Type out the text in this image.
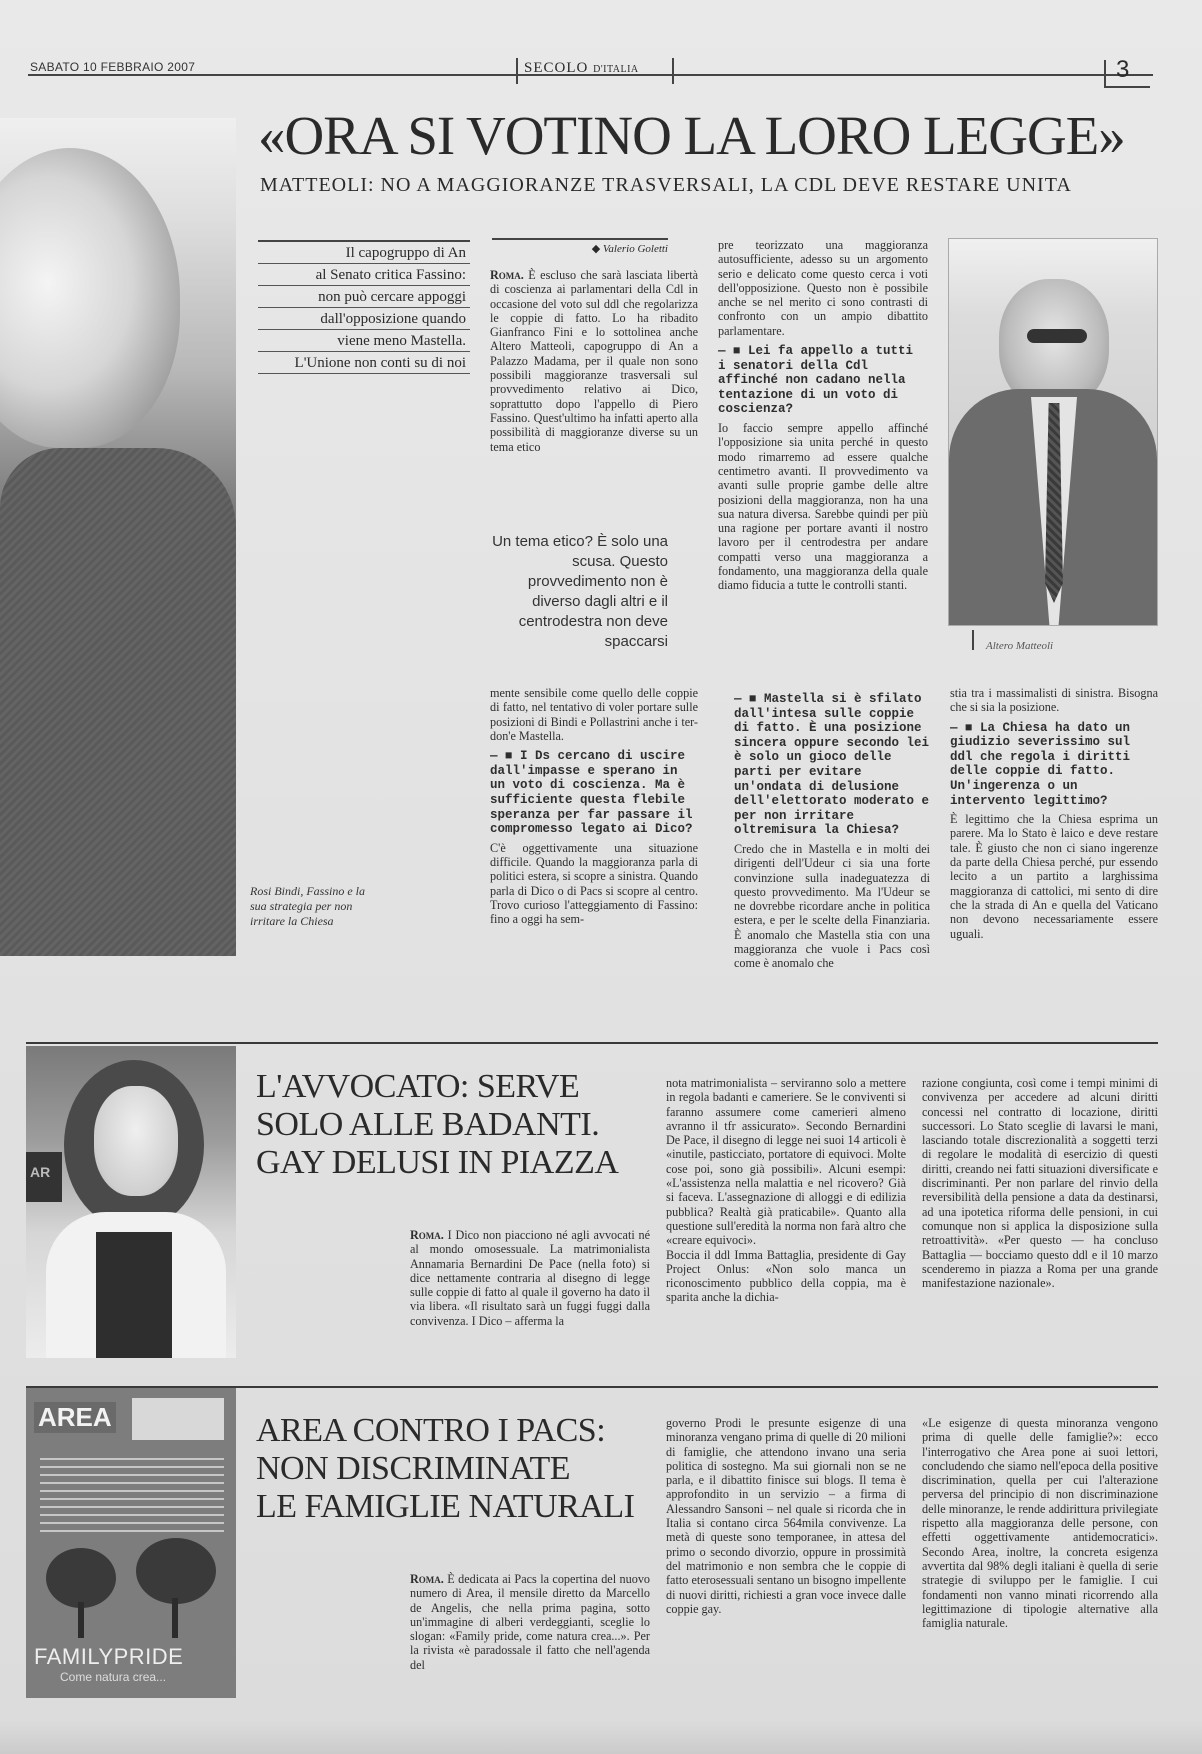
SABATO 10 FEBBRAIO 2007	SECOLO D'ITALIA	3
«ORA SI VOTINO LA LORO LEGGE»
MATTEOLI: NO A MAGGIORANZE TRASVERSALI, LA CDL DEVE RESTARE UNITA
Rosi Bindi, Fassino e la sua strategia per non irritare la Chiesa
Il capogruppo di An
al Senato critica Fassino:
non può cercare appoggi
dall'opposizione quando
viene meno Mastella.
L'Unione non conti su di noi
◆ Valerio Goletti

Roma. È escluso che sarà lasciata libertà di coscienza ai parlamentari della Cdl in occasione del voto sul ddl che regolarizza le coppie di fatto. Lo ha ribadito Gianfranco Fini e lo sottolinea anche Altero Matteoli, capogruppo di An a Palazzo Madama, per il quale non sono possibili maggioranze trasversali sul provvedimento relativo ai Dico, soprattutto dopo l'appello di Piero Fassino. Quest'ultimo ha infatti aperto alla possibilità di maggioranze diverse su un tema etico

Un tema etico? È solo una scusa. Questo provvedimento non è diverso dagli altri e il centrodestra non deve spaccarsi

mente sensibile come quello delle coppie di fatto, nel tentativo di voler portare sulle posizioni di Bindi e Pollastrini anche i ter-don'e Mastella.

— ■ I Ds cercano di uscire dall'impasse e sperano in un voto di coscienza. Ma è sufficiente questa flebile speranza per far passare il compromesso legato ai Dico?

C'è oggettivamente una situazione difficile. Quando la maggioranza parla di politici estera, si scopre a sinistra. Quando parla di Dico o di Pacs si scopre al centro. Trovo curioso l'atteggiamento di Fassino: fino a oggi ha sem-

pre teorizzato una maggioranza autosufficiente, adesso su un argomento serio e delicato come questo cerca i voti dell'opposizione. Questo non è possibile anche se nel merito ci sono contrasti di confronto con un ampio dibattito parlamentare.

— ■ Lei fa appello a tutti i senatori della Cdl affinché non cadano nella tentazione di un voto di coscienza?

Io faccio sempre appello affinché l'opposizione sia unita perché in questo modo rimarremo ad essere qualche centimetro avanti. Il provvedimento va avanti sulle proprie gambe delle altre posizioni della maggioranza, non ha una sua natura diversa. Sarebbe quindi per più una ragione per portare avanti il nostro lavoro per il centrodestra per andare compatti verso una maggioranza a fondamento, una maggioranza della quale diamo fiducia a tutte le controlli stanti.

— ■ Mastella si è sfilato dall'intesa sulle coppie di fatto. È una posizione sincera oppure secondo lei è solo un gioco delle parti per evitare un'ondata di delusione dell'elettorato moderato e per non irritare oltremisura la Chiesa?

Credo che in Mastella e in molti dei dirigenti dell'Udeur ci sia una forte convinzione sulla inadeguatezza di questo provvedimento. Ma l'Udeur se ne dovrebbe ricordare anche in politica estera, e per le scelte della Finanziaria. È anomalo che Mastella stia con una maggioranza che vuole i Pacs così come è anomalo che

Altero Matteoli

stia tra i massimalisti di sinistra. Bisogna che si sia la posizione.

— ■ La Chiesa ha dato un giudizio severissimo sul ddl che regola i diritti delle coppie di fatto. Un'ingerenza o un intervento legittimo?

È legittimo che la Chiesa esprima un parere. Ma lo Stato è laico e deve restare tale. È giusto che non ci siano ingerenze da parte della Chiesa perché, pur essendo lecito a un partito a larghissima maggioranza di cattolici, mi sento di dire che la strada di An e quella del Vaticano non devono necessariamente essere uguali.

AR
L'AVVOCATO: SERVE
SOLO ALLE BADANTI.
GAY DELUSI IN PIAZZA

Roma. I Dico non piacciono né agli avvocati né al mondo omosessuale. La matrimonialista Annamaria Bernardini De Pace (nella foto) si dice nettamente contraria al disegno di legge sulle coppie di fatto al quale il governo ha dato il via libera. «Il risultato sarà un fuggi fuggi dalla convivenza. I Dico – afferma la

nota matrimonialista – serviranno solo a mettere in regola badanti e cameriere. Se le conviventi si faranno assumere come camerieri almeno avranno il tfr assicurato». Secondo Bernardini De Pace, il disegno di legge nei suoi 14 articoli è «inutile, pasticciato, portatore di equivoci. Molte cose poi, sono già possibili». Alcuni esempi: «L'assistenza nella malattia e nel ricovero? Già si faceva. L'assegnazione di alloggi e di edilizia pubblica? Realtà già praticabile». Quanto alla questione sull'eredità la norma non farà altro che «creare equivoci».
Boccia il ddl Imma Battaglia, presidente di Gay Project Onlus: «Non solo manca un riconoscimento pubblico della coppia, ma è sparita anche la dichia-
razione congiunta, così come i tempi minimi di convivenza per accedere ad alcuni diritti concessi nel contratto di locazione, diritti successori. Lo Stato sceglie di lavarsi le mani, lasciando totale discrezionalità a soggetti terzi di regolare le modalità di esercizio di questi diritti, creando nei fatti situazioni diversificate e discriminanti. Per non parlare del rinvio della reversibilità della pensione a data da destinarsi, ad una ipotetica riforma delle pensioni, in cui comunque non si applica la disposizione sulla retroattività». «Per questo — ha concluso Battaglia — bocciamo questo ddl e il 10 marzo scenderemo in piazza a Roma per una grande manifestazione nazionale».
AREA
FAMILYPRIDE
Come natura crea...
AREA CONTRO I PACS:
NON DISCRIMINATE
LE FAMIGLIE NATURALI

Roma. È dedicata ai Pacs la copertina del nuovo numero di Area, il mensile diretto da Marcello de Angelis, che nella prima pagina, sotto un'immagine di alberi verdeggianti, sceglie lo slogan: «Family pride, come natura crea...». Per la rivista «è paradossale il fatto che nell'agenda del

governo Prodi le presunte esigenze di una minoranza vengano prima di quelle di 20 milioni di famiglie, che attendono invano una seria politica di sostegno. Ma sui giornali non se ne parla, e il dibattito finisce sui blogs. Il tema è approfondito in un servizio – a firma di Alessandro Sansoni – nel quale si ricorda che in Italia si contano circa 564mila convivenze. La metà di queste sono temporanee, in attesa del primo o secondo divorzio, oppure in prossimità del matrimonio e non sembra che le coppie di fatto eterosessuali sentano un bisogno impellente di nuovi diritti, richiesti a gran voce invece dalle coppie gay.
«Le esigenze di questa minoranza vengono prima di quelle delle famiglie?»: ecco l'interrogativo che Area pone ai suoi lettori, concludendo che siamo nell'epoca della positive discrimination, quella per cui l'alterazione perversa del principio di non discriminazione delle minoranze, le rende addirittura privilegiate rispetto alla maggioranza delle persone, con effetti oggettivamente antidemocratici». Secondo Area, inoltre, la concreta esigenza avvertita dal 98% degli italiani è quella di serie strategie di sviluppo per le famiglie. I cui fondamenti non vanno minati ricorrendo alla legittimazione di tipologie alternative alla famiglia naturale.
